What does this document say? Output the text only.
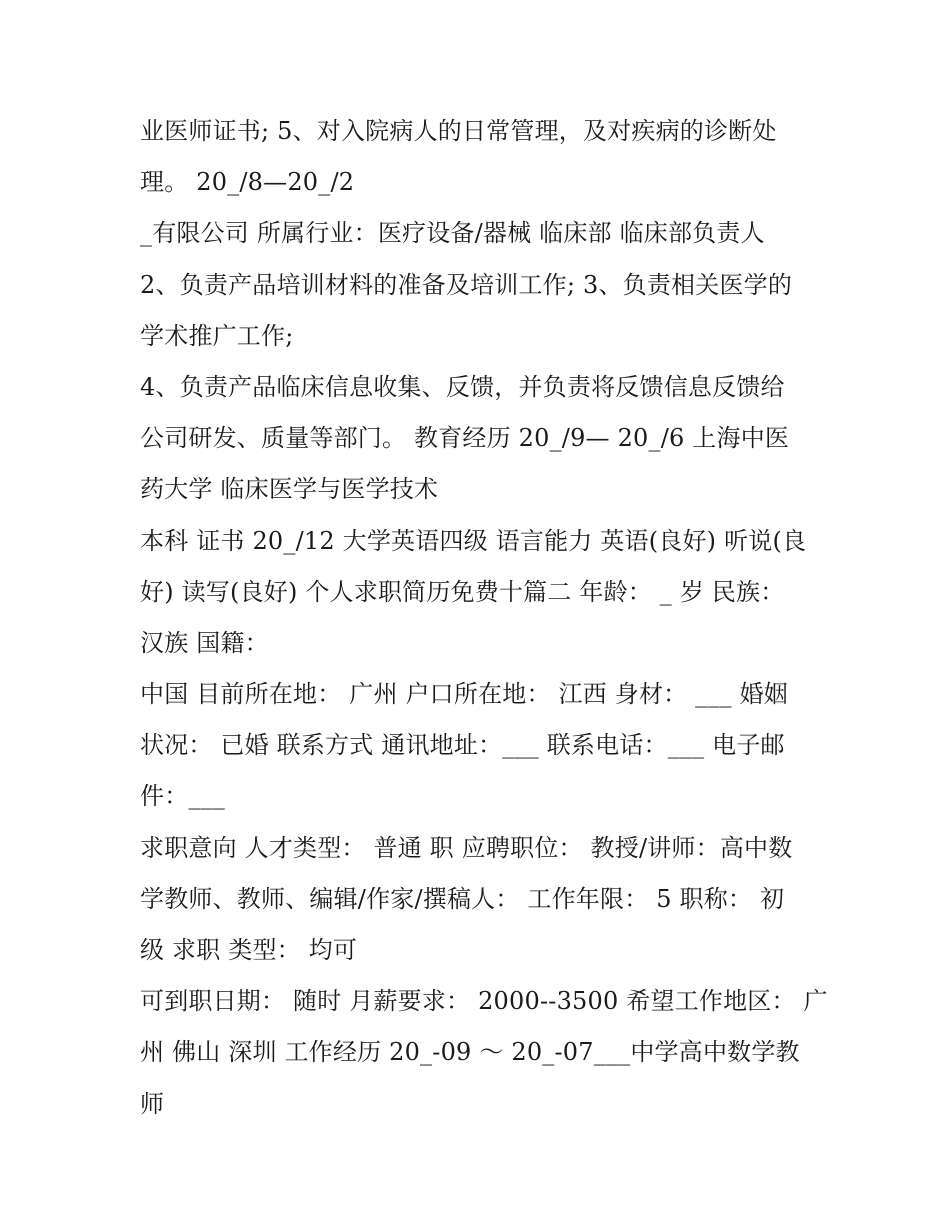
业医师证书; 5、对入院病人的日常管理，及对疾病的诊断处
理。 20_/8—20_/2
_有限公司 所属行业：医疗设备/器械 临床部 临床部负责人
2、负责产品培训材料的准备及培训工作; 3、负责相关医学的
学术推广工作;
4、负责产品临床信息收集、反馈，并负责将反馈信息反馈给
公司研发、质量等部门。 教育经历 20_/9— 20_/6 上海中医
药大学 临床医学与医学技术
本科 证书 20_/12 大学英语四级 语言能力 英语(良好) 听说(良
好) 读写(良好) 个人求职简历免费十篇二 年龄： _ 岁 民族：
汉族 国籍：
中国 目前所在地： 广州 户口所在地： 江西 身材： ___ 婚姻
状况： 已婚 联系方式 通讯地址：___ 联系电话：___ 电子邮
件：___
求职意向 人才类型： 普通 职 应聘职位： 教授/讲师：高中数
学教师、教师、编辑/作家/撰稿人： 工作年限： 5 职称： 初
级 求职 类型： 均可
可到职日期： 随时 月薪要求： 2000--3500 希望工作地区： 广
州 佛山 深圳 工作经历 20_-09 ～ 20_-07___中学高中数学教
师
